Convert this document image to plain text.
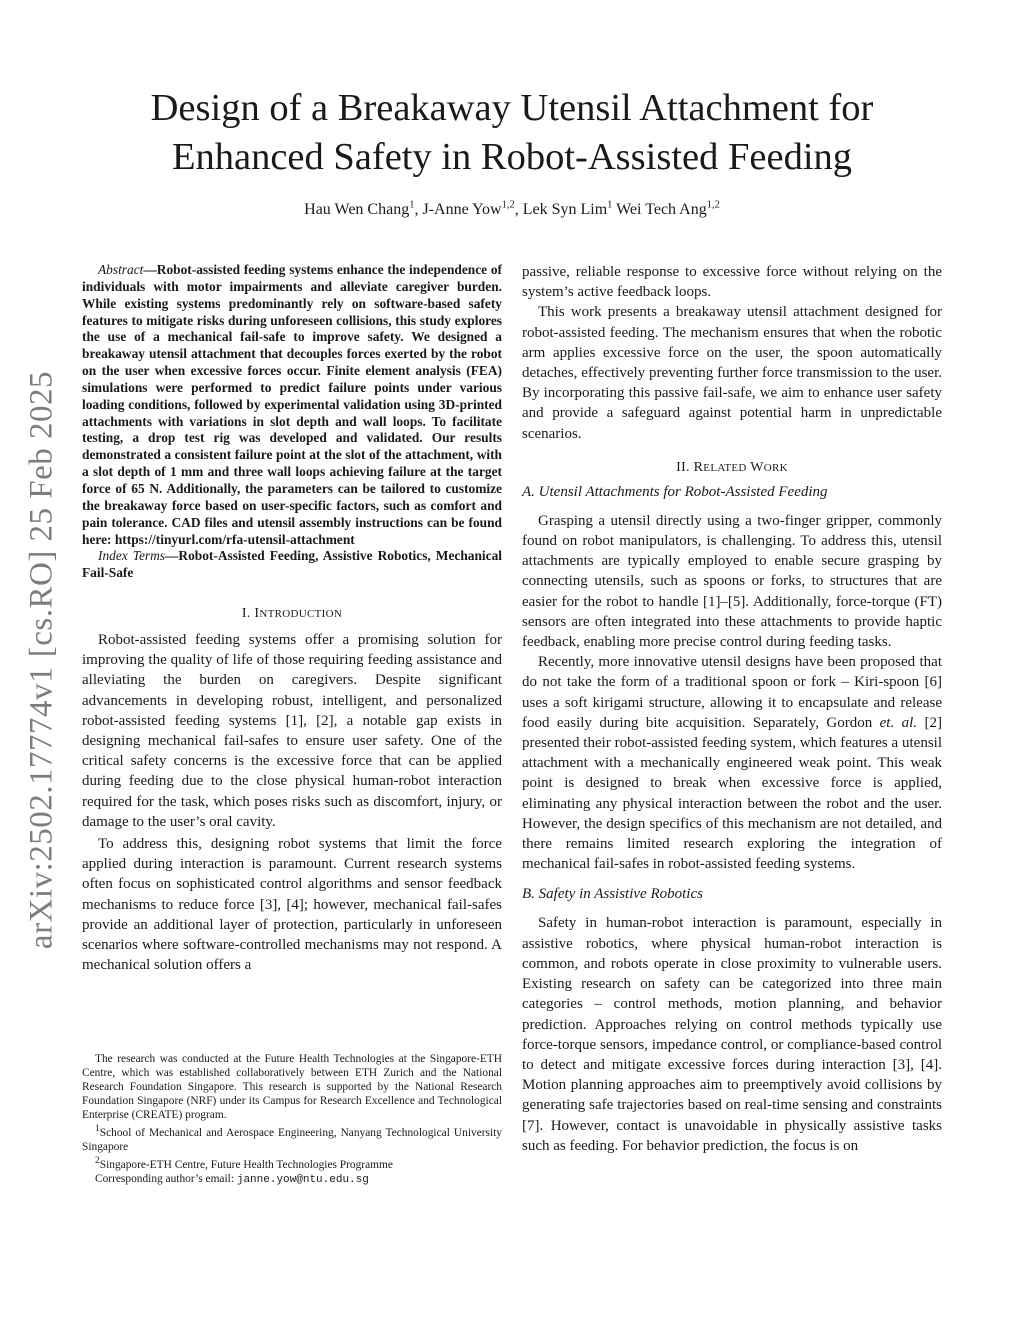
arXiv:2502.17774v1 [cs.RO] 25 Feb 2025
Design of a Breakaway Utensil Attachment for
Enhanced Safety in Robot-Assisted Feeding
Hau Wen Chang$^1$, J-Anne Yow$^{1,2}$, Lek Syn Lim$^1$ Wei Tech Ang$^{1,2}$

Abstract—Robot-assisted feeding systems enhance the independence of individuals with motor impairments and alleviate caregiver burden. While existing systems predominantly rely on software-based safety features to mitigate risks during unforeseen collisions, this study explores the use of a mechanical fail-safe to improve safety. We designed a breakaway utensil attachment that decouples forces exerted by the robot on the user when excessive forces occur. Finite element analysis (FEA) simulations were performed to predict failure points under various loading conditions, followed by experimental validation using 3D-printed attachments with variations in slot depth and wall loops. To facilitate testing, a drop test rig was developed and validated. Our results demonstrated a consistent failure point at the slot of the attachment, with a slot depth of 1 mm and three wall loops achieving failure at the target force of 65 N. Additionally, the parameters can be tailored to customize the breakaway force based on user-specific factors, such as comfort and pain tolerance. CAD files and utensil assembly instructions can be found here: https://tinyurl.com/rfa-utensil-attachment

Index Terms—Robot-Assisted Feeding, Assistive Robotics, Mechanical Fail-Safe

I. INTRODUCTION

Robot-assisted feeding systems offer a promising solution for improving the quality of life of those requiring feeding assistance and alleviating the burden on caregivers. Despite significant advancements in developing robust, intelligent, and personalized robot-assisted feeding systems [1], [2], a notable gap exists in designing mechanical fail-safes to ensure user safety. One of the critical safety concerns is the excessive force that can be applied during feeding due to the close physical human-robot interaction required for the task, which poses risks such as discomfort, injury, or damage to the user’s oral cavity.

To address this, designing robot systems that limit the force applied during interaction is paramount. Current research systems often focus on sophisticated control algorithms and sensor feedback mechanisms to reduce force [3], [4]; however, mechanical fail-safes provide an additional layer of protection, particularly in unforeseen scenarios where software-controlled mechanisms may not respond. A mechanical solution offers a

The research was conducted at the Future Health Technologies at the Singapore-ETH Centre, which was established collaboratively between ETH Zurich and the National Research Foundation Singapore. This research is supported by the National Research Foundation Singapore (NRF) under its Campus for Research Excellence and Technological Enterprise (CREATE) program.
$^1$School of Mechanical and Aerospace Engineering, Nanyang Technological University Singapore
$^2$Singapore-ETH Centre, Future Health Technologies Programme
Corresponding author’s email: janne.yow@ntu.edu.sg

passive, reliable response to excessive force without relying on the system’s active feedback loops.

This work presents a breakaway utensil attachment designed for robot-assisted feeding. The mechanism ensures that when the robotic arm applies excessive force on the user, the spoon automatically detaches, effectively preventing further force transmission to the user. By incorporating this passive fail-safe, we aim to enhance user safety and provide a safeguard against potential harm in unpredictable scenarios.

II. RELATED WORK
A. Utensil Attachments for Robot-Assisted Feeding

Grasping a utensil directly using a two-finger gripper, commonly found on robot manipulators, is challenging. To address this, utensil attachments are typically employed to enable secure grasping by connecting utensils, such as spoons or forks, to structures that are easier for the robot to handle [1]–[5]. Additionally, force-torque (FT) sensors are often integrated into these attachments to provide haptic feedback, enabling more precise control during feeding tasks.

Recently, more innovative utensil designs have been proposed that do not take the form of a traditional spoon or fork – Kiri-spoon [6] uses a soft kirigami structure, allowing it to encapsulate and release food easily during bite acquisition. Separately, Gordon et. al. [2] presented their robot-assisted feeding system, which features a utensil attachment with a mechanically engineered weak point. This weak point is designed to break when excessive force is applied, eliminating any physical interaction between the robot and the user. However, the design specifics of this mechanism are not detailed, and there remains limited research exploring the integration of mechanical fail-safes in robot-assisted feeding systems.

B. Safety in Assistive Robotics

Safety in human-robot interaction is paramount, especially in assistive robotics, where physical human-robot interaction is common, and robots operate in close proximity to vulnerable users. Existing research on safety can be categorized into three main categories – control methods, motion planning, and behavior prediction. Approaches relying on control methods typically use force-torque sensors, impedance control, or compliance-based control to detect and mitigate excessive forces during interaction [3], [4]. Motion planning approaches aim to preemptively avoid collisions by generating safe trajectories based on real-time sensing and constraints [7]. However, contact is unavoidable in physically assistive tasks such as feeding. For behavior prediction, the focus is on
